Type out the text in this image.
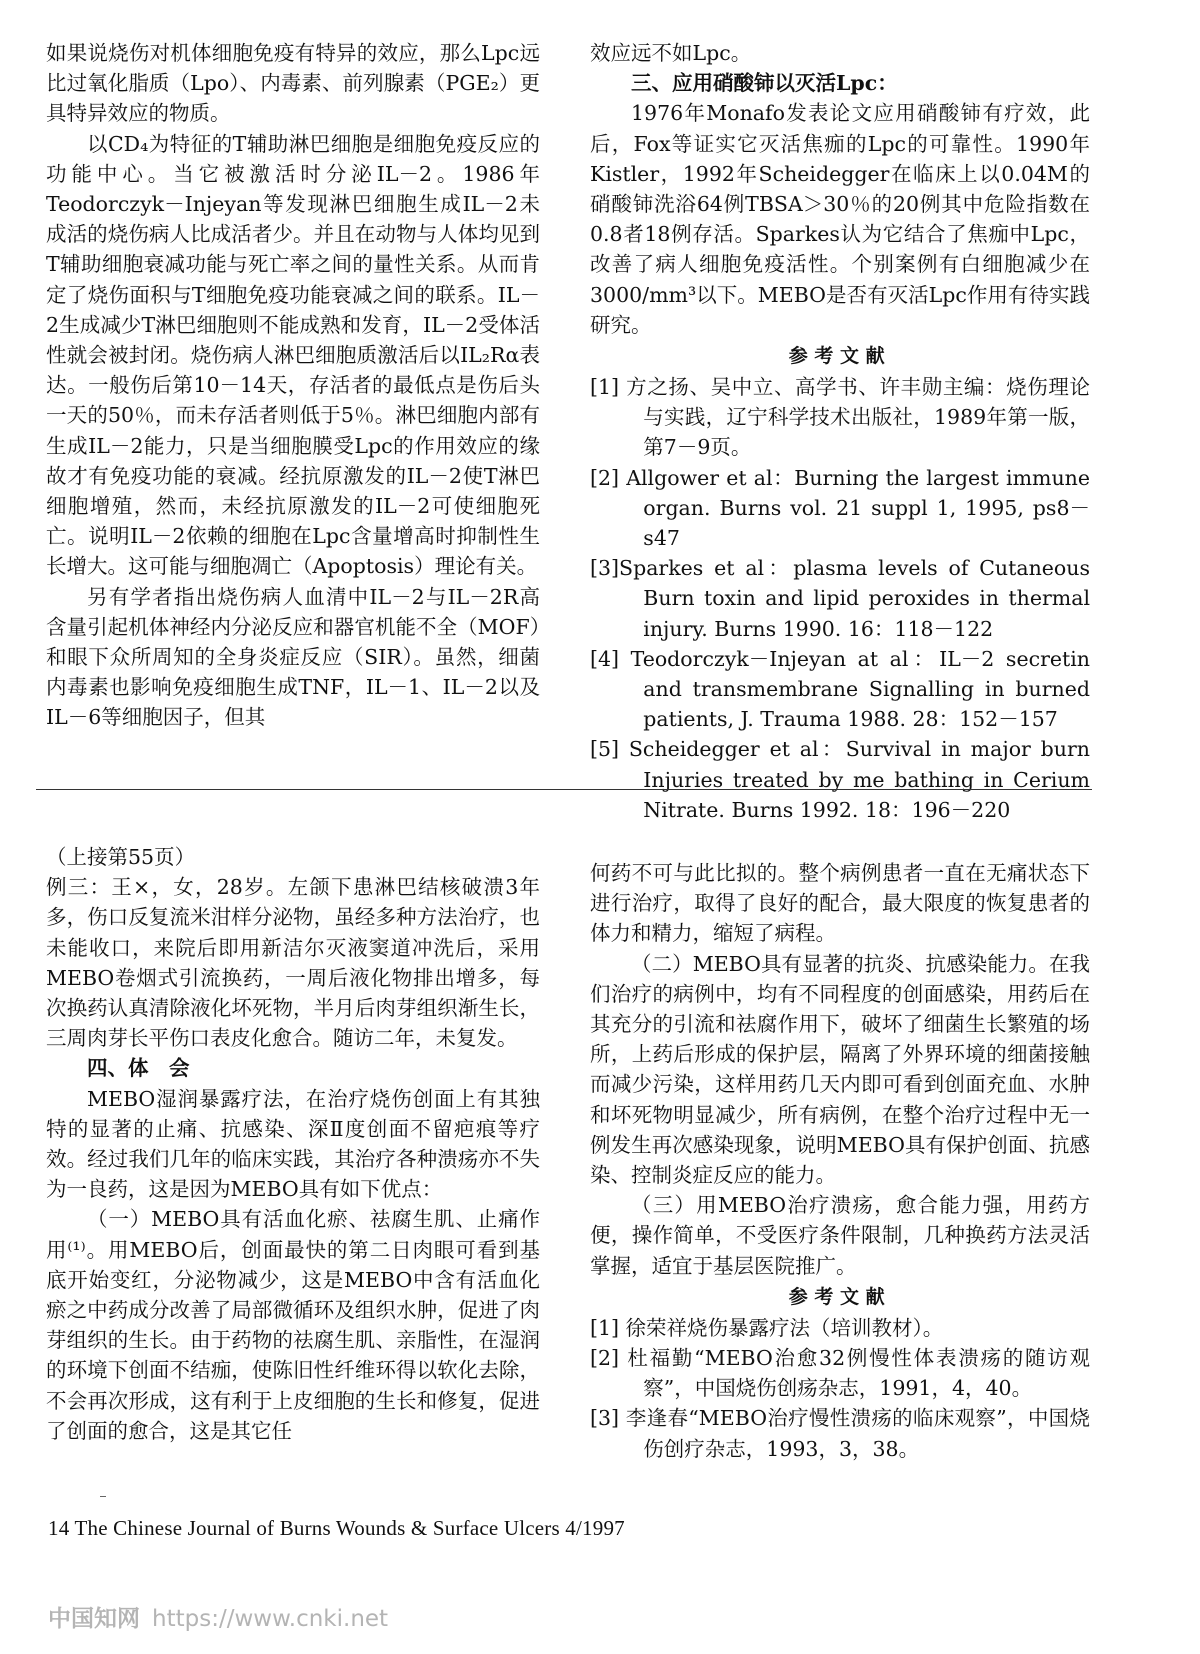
如果说烧伤对机体细胞免疫有特异的效应，那么Lpc远比过氧化脂质（Lpo）、内毒素、前列腺素（PGE₂）更具特异效应的物质。

以CD₄为特征的T辅助淋巴细胞是细胞免疫反应的功能中心。当它被激活时分泌IL－2。1986年Teodorczyk－Injeyan等发现淋巴细胞生成IL－2未成活的烧伤病人比成活者少。并且在动物与人体均见到T辅助细胞衰减功能与死亡率之间的量性关系。从而肯定了烧伤面积与T细胞免疫功能衰减之间的联系。IL－2生成减少T淋巴细胞则不能成熟和发育，IL－2受体活性就会被封闭。烧伤病人淋巴细胞质激活后以IL₂Rα表达。一般伤后第10－14天，存活者的最低点是伤后头一天的50％，而未存活者则低于5％。淋巴细胞内部有生成IL－2能力，只是当细胞膜受Lpc的作用效应的缘故才有免疫功能的衰减。经抗原激发的IL－2使T淋巴细胞增殖，然而，未经抗原激发的IL－2可使细胞死亡。说明IL－2依赖的细胞在Lpc含量增高时抑制性生长增大。这可能与细胞凋亡（Apoptosis）理论有关。

另有学者指出烧伤病人血清中IL－2与IL－2R高含量引起机体神经内分泌反应和器官机能不全（MOF）和眼下众所周知的全身炎症反应（SIR）。虽然，细菌内毒素也影响免疫细胞生成TNF，IL－1、IL－2以及IL－6等细胞因子，但其

效应远不如Lpc。

三、应用硝酸铈以灭活Lpc：

1976年Monafo发表论文应用硝酸铈有疗效，此后，Fox等证实它灭活焦痂的Lpc的可靠性。1990年Kistler，1992年Scheidegger在临床上以0.04M的硝酸铈洗浴64例TBSA＞30％的20例其中危险指数在0.8者18例存活。Sparkes认为它结合了焦痂中Lpc，改善了病人细胞免疫活性。个别案例有白细胞减少在3000/mm³以下。MEBO是否有灭活Lpc作用有待实践研究。

参考文献

[1] 方之扬、吴中立、高学书、许丰勋主编：烧伤理论与实践，辽宁科学技术出版社，1989年第一版，第7－9页。

[2] Allgower et al：Burning the largest immune organ. Burns vol. 21 suppl 1, 1995, ps8－s47

[3]Sparkes et al：plasma levels of Cutaneous Burn toxin and lipid peroxides in thermal injury. Burns 1990. 16：118－122

[4] Teodorczyk－Injeyan at al：IL－2 secretin and transmembrane Signalling in burned patients, J. Trauma 1988. 28：152－157

[5] Scheidegger et al：Survival in major burn Injuries treated by me bathing in Cerium Nitrate. Burns 1992. 18：196－220

（上接第55页）

例三：王×，女，28岁。左颌下患淋巴结核破溃3年多，伤口反复流米泔样分泌物，虽经多种方法治疗，也未能收口，来院后即用新洁尔灭液窦道冲洗后，采用MEBO卷烟式引流换药，一周后液化物排出增多，每次换药认真清除液化坏死物，半月后肉芽组织渐生长，三周肉芽长平伤口表皮化愈合。随访二年，未复发。

四、体　会

MEBO湿润暴露疗法，在治疗烧伤创面上有其独特的显著的止痛、抗感染、深Ⅱ度创面不留疤痕等疗效。经过我们几年的临床实践，其治疗各种溃疡亦不失为一良药，这是因为MEBO具有如下优点：

（一）MEBO具有活血化瘀、祛腐生肌、止痛作用⁽¹⁾。用MEBO后，创面最快的第二日肉眼可看到基底开始变红，分泌物减少，这是MEBO中含有活血化瘀之中药成分改善了局部微循环及组织水肿，促进了肉芽组织的生长。由于药物的祛腐生肌、亲脂性，在湿润的环境下创面不结痂，使陈旧性纤维环得以软化去除，不会再次形成，这有利于上皮细胞的生长和修复，促进了创面的愈合，这是其它任

何药不可与此比拟的。整个病例患者一直在无痛状态下进行治疗，取得了良好的配合，最大限度的恢复患者的体力和精力，缩短了病程。

（二）MEBO具有显著的抗炎、抗感染能力。在我们治疗的病例中，均有不同程度的创面感染，用药后在其充分的引流和祛腐作用下，破坏了细菌生长繁殖的场所，上药后形成的保护层，隔离了外界环境的细菌接触而减少污染，这样用药几天内即可看到创面充血、水肿和坏死物明显减少，所有病例，在整个治疗过程中无一例发生再次感染现象，说明MEBO具有保护创面、抗感染、控制炎症反应的能力。

（三）用MEBO治疗溃疡，愈合能力强，用药方便，操作简单，不受医疗条件限制，几种换药方法灵活掌握，适宜于基层医院推广。

参考文献

[1] 徐荣祥烧伤暴露疗法（培训教材）。

[2] 杜福勤“MEBO治愈32例慢性体表溃疡的随访观察”，中国烧伤创疡杂志，1991，4，40。

[3] 李逢春“MEBO治疗慢性溃疡的临床观察”，中国烧伤创疗杂志，1993，3，38。

14 The Chinese Journal of Burns Wounds & Surface Ulcers 4/1997
中国知网 https://www.cnki.net
